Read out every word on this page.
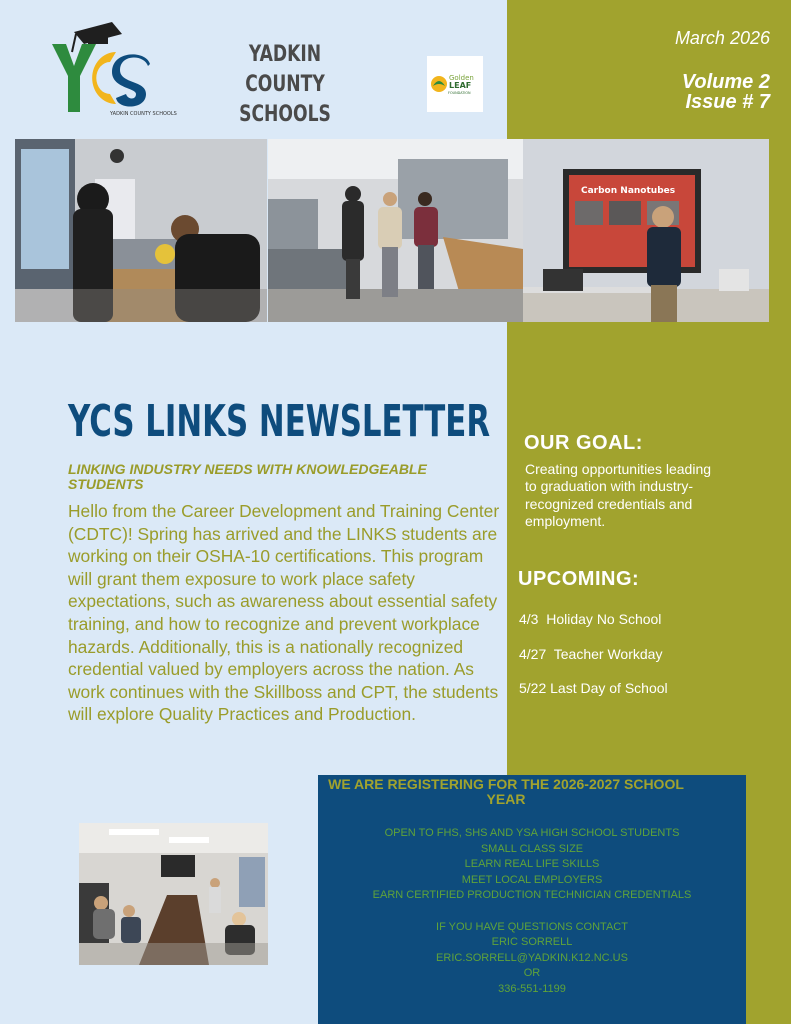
YADKIN COUNTY SCHOOLS
YADKIN COUNTY SCHOOLS
Golden
LEAF
FOUNDATION
March 2026
Volume 2
Issue # 7
Carbon Nanotubes
YCS LINKS NEWSLETTER
LINKING INDUSTRY NEEDS WITH KNOWLEDGEABLE STUDENTS
Hello from the Career Development and Training Center (CDTC)! Spring has arrived and the LINKS students are working on their OSHA-10 certifications. This program will grant them exposure to work place safety expectations, such as awareness about essential safety training, and how to recognize and prevent workplace hazards. Additionally, this is a nationally recognized credential valued by employers across the nation. As work continues with the Skillboss and CPT, the students will explore Quality Practices and Production.
OUR GOAL:
Creating opportunities leading to graduation with industry-recognized credentials and employment.
UPCOMING:
4/3  Holiday No School
4/27  Teacher Workday
5/22 Last Day of School
WE ARE REGISTERING FOR THE 2026-2027 SCHOOL YEAR
OPEN TO FHS, SHS AND YSA HIGH SCHOOL STUDENTS
SMALL CLASS SIZE
LEARN REAL LIFE SKILLS
MEET LOCAL EMPLOYERS
EARN CERTIFIED PRODUCTION TECHNICIAN CREDENTIALS
IF YOU HAVE QUESTIONS CONTACT
ERIC SORRELL
ERIC.SORRELL@YADKIN.K12.NC.US
OR
336-551-1199
